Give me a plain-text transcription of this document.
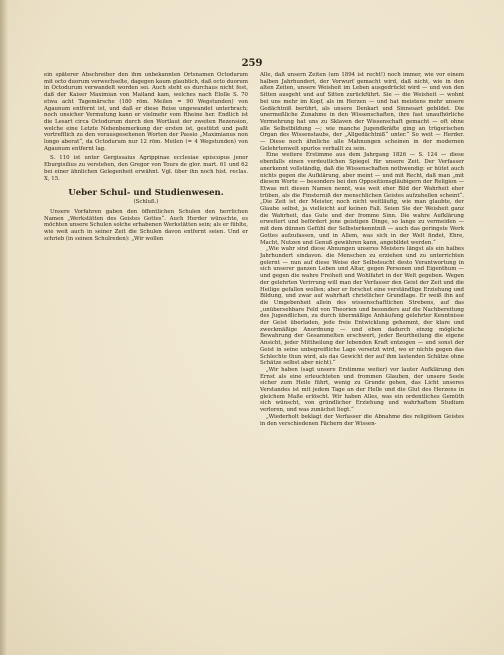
259

ein späterer Abschreiber den ihm unbekannten Ortsnamen Octodurum mit octo duorum verwechselte, dagegen kaum glaublich, daß octo duorum in Octodurum verwandelt worden sei. Auch steht es durchaus nicht fest, daß der Kaiser Maximian von Mailand kam, welches nach Elolle S. 70 etwa acht Tagemärsche (180 röm. Meilen = 90 Wegstunden) von Agaunum entfernt ist, und daß er diese Reise ungewandet unterbrach; noch unsicher Vermutung kann er vielmehr vom Rheine her. Endlich ist die Lesart circa Octodurum durch den Wortlaut der zweiten Rezension, welche eine Letzte Nebenbemerkung der ersten ist, gestützt und paßt vortrefflich zu den vorausgesehenen Worten der Passio „Maximianus non longo aberat“, da Octodurum nur 12 röm. Meilen (= 4 Wegstunden) von Agaunum entfernt lag.

S. 110 ist unter Gergissaius Agrippinae ecclesiae episcopus jener Eburgisilius zu verstehen, den Gregor von Tours de glor. mart. 61 und 62 bei einer ähnlichen Gelegenheit erwähnt. Vgl. über ihn noch hist. reclas. X, 15.

Ueber Schul- und Studienwesen.
(Schluß.)

Unsere Vorfahren gaben den öffentlichen Schulen den herrlichen Namen „Werkstätten des Geistes Gottes“. Auch Herder wünschte, es möchten unsere Schulen solche erhabenen Werkstätten sein; als er fühlte, wie weit auch in seiner Zeit die Schulen davon entfernt seien. Und er schrieb (in seinen Schulreden): „Wir wollen

Alle, daß unsern Zeiten (um 1894 ist recht!) noch immer, wie vor einem halben Jahrhundert, der Vorwurf gemacht wird, daß nicht, wie in den alten Zeiten, unsere Weisheit im Leben ausgedrückt wird — und von den Sitten ausgeht und auf Sitten zurückführt. Sie — die Weisheit — wohnt bei uns mehr im Kopf, als im Herzen — und hat meistens mehr unsere Gedächtniß berührt, als unsere Denkart und Sinnesart gebildet. Die unermeßliche Zunahme in den Wissenschaften, ihre fast unaufhörliche Vermehrung hat uns zu Sklaven der Wissenschaft gemacht — oft ohne alle Selbstbildung —; wie manche Jugendkräfte ging an trügerischen Organ des Wissenstaubs, der „Allgedächtniß“ unter.“ So weit — Herder. — Diese noch ähnliche alle Mahnungen scheinen in der modernen Gelehrtenwelt spurlos verhallt zu sein.

Eine weitere Erstimme aus dem Jahrgang 1826 — S. 124 — diese ebenfalls einen verdeutlichen Spiegel für unsere Zeit. Der Verfasser anerkennt vollständig, daß die Wissenschaften nothwendig: er hütet auch nichts gegen die Aufklärung, aber meint — und mit Recht, daß man „mit diesem Worte — besonders bei den Oppositionsgläubigern der Religion — Etwas mit diesen Namen nennt, was weit eher Bild der Wahrheit eher trüben, als die Finsterniß der menschlichen Geistes aufzuhellen scheint“. „Die Zeit ist der Meister, noch nicht weitläufig, wie man glaubte, der Glaube selbst, ja vielleicht auf keinen Fall. Seien Sie der Weisheit ganz die Wahrheit, das Gute und der fromme Sinn. Die wahre Aufklärung erweitert und befördert jene geistigen Dinge, so lange zu vermeiden — mit dem dünnen Gefühl der Selbsterkenntniß — auch das geringste Werk Gottes aufzufassen, und in Allem, was sich in der Welt findet, Ehre, Macht, Nutzen und Genuß gewähren kann, angebildet werden.“

„Wie wahr sind diese Ahnungen unseres Meisters längst als ein halbes Jahrhundert sindavon. die Menschen zu erziehen und zu unterrichten gelernt — nun auf diese Weise der Selbstsucht desto Verantwortung in sich unserer ganzen Leben und Altar, gegen Personen und Eigenthum — und gegen die wahre Freiheit und Wohlfahrt in der Welt gegeben. Wegen der gelehrten Verirrung will man der Verfasser den Geist der Zeit und die Heilige gefallen wollen; aber er forschet eine verständlige Erziehung und Bildung, und zwar auf wahrhaft christlicher Grundlage. Er weiß ihn auf die Umgebenheit allein des wissenschaftlichen Strebens, auf das „unübersehbare Feld von Theorien und besonders auf die Nachbereitung des Jugendlichen, zu durch übermäßige Anhäufung gelehrter Kenntnisse der Geist überladen, jede freie Entwicklung gehemmt, der klare und zweckmäßige Anordnung — und eben dadurch einzig mögliche Bewahrung der Gesammelten erschwert, jeder Beurtheilung die eigene Ansicht, jeder Mittheilung der lebenden Kraft entzogen — und sonst der Geist in seine unbegreifliche Lage versetzt wird, wo er nichts gegen das Schlechte thun wird, als das Gewicht der auf ihm lastenden Schätze ohne Schätze selbst aber nicht).“

„Wir haben (sagt unsere Erstimme weiter) vor lauter Aufklärung den Ernst als eine erleuchteten und frommen Glauben, der unsere Seele sicher zum Heile führt, wenig zu Grunde gehen, das Licht unseres Verstandes ist mit jedem Tage an der Helle und die Glut des Herzens in gleichem Maße erlöscht. Wir haben Alles, was ein ordentliches Gemüth sich wünscht, von gründlicher Erziehung und wahrhaftem Studium verloren, und was zunächst liegt.“

„Wiederholt beklagt der Verfasser die Abnahme des religiösen Geistes in den verschiedenen Fächern der Wissen-
